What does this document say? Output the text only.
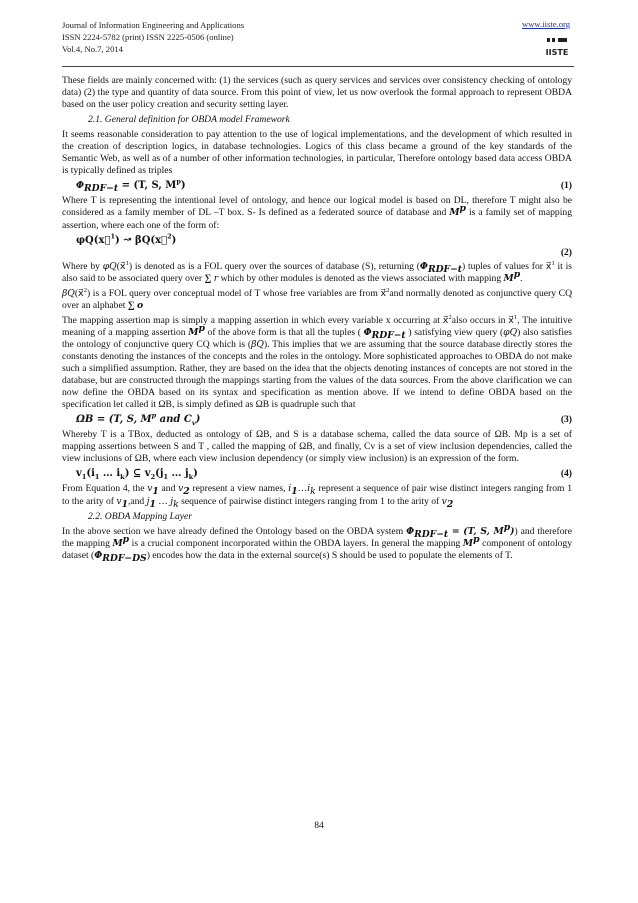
Journal of Information Engineering and Applications
ISSN 2224-5782 (print) ISSN 2225-0506 (online)
Vol.4, No.7, 2014
www.iiste.org
IISTE

These fields are mainly concerned with: (1) the services (such as query services and services over consistency checking of ontology data) (2) the type and quantity of data source. From this point of view, let us now overlook the formal approach to represent OBDA based on the user policy creation and security setting layer.

2.1. General definition for OBDA model Framework

It seems reasonable consideration to pay attention to the use of logical implementations, and the development of which resulted in the creation of description logics, in database technologies. Logics of this class became a ground of the key standards of the Semantic Web, as well as of a number of other information technologies, in particular, Therefore ontology based data access OBDA is typically defined as triples

$\Phi_{RDF-t} = (T$, S, $M^p$)	(1)

Where T is representing the intentional level of ontology, and hence our logical model is based on DL, therefore T might also be considered as a family member of DL –T box. S- Is defined as a federated source of database and $M^p$ is a family set of mapping assertion, where each one of the form of:

φQ(x⃗$^1$) ↝ βQ(x⃗$^2$)
(2)

Where by φQ(x⃗$^1$) is denoted as is a FOL query over the sources of database (S), returning $(\Phi_{RDF-t})$ tuples of values for x⃗$^1$ it is also said to be associated query over ∑ r which by other modules is denoted as the views associated with mapping $M^p$.

βQ(x⃗$^2$) is a FOL query over conceptual model of T whose free variables are from x⃗$^2$and normally denoted as conjunctive query CQ over an alphabet ∑ o

The mapping assertion map is simply a mapping assertion in which every variable x occurring at x⃗$^2$also occurs in x⃗$^1$, The intuitive meaning of a mapping assertion $M^p$ of the above form is that all the tuples ( $\Phi_{RDF-t}$ ) satisfying view query (φQ) also satisfies the ontology of conjunctive query CQ which is (βQ). This implies that we are assuming that the source database directly stores the constants denoting the instances of the concepts and the roles in the ontology. More sophisticated approaches to OBDA do not make such a simplified assumption. Rather, they are based on the idea that the objects denoting instances of concepts are not stored in the database, but are constructed through the mappings starting from the values of the data sources. From the above clarification we can now define the OBDA based on its syntax and specification as mention above. If we intend to define OBDA based on the specification let called it ΩB, is simply defined as ΩB is quadruple such that

ΩB = (T, S, $M^p$ and $C_v$)	(3)

Whereby T is a TBox, deducted as ontology of ΩB, and S is a database schema, called the data source of ΩB. Mp is a set of mapping assertions between S and T , called the mapping of ΩB, and finally, Cv is a set of view inclusion dependencies, called the view inclusions of ΩB, where each view inclusion dependency (or simply view inclusion) is an expression of the form.

$v_1(i_1$ … $i_k$) ⊆ $v_2(j_1$ … $j_k$)	(4)

From Equation 4, the $v_1$ and $v_2$ represent a view names, $i_1\dots i_k$ represent a sequence of pair wise distinct integers ranging from 1 to the arity of $v_1,and$ $j_1$ … $j_k$ sequence of pairwise distinct integers ranging from 1 to the arity of $v_2$

2.2. OBDA Mapping Layer

In the above section we have already defined the Ontology based on the OBDA system $\Phi_{RDF-t} = (T$, S, $M^p$)) and therefore the mapping $M^p$ is a crucial component incorporated within the OBDA layers. In general the mapping $M^p$ component of ontology dataset $(\Phi_{RDF-DS})$ encodes how the data in the external source(s) S should be used to populate the elements of T.

84
